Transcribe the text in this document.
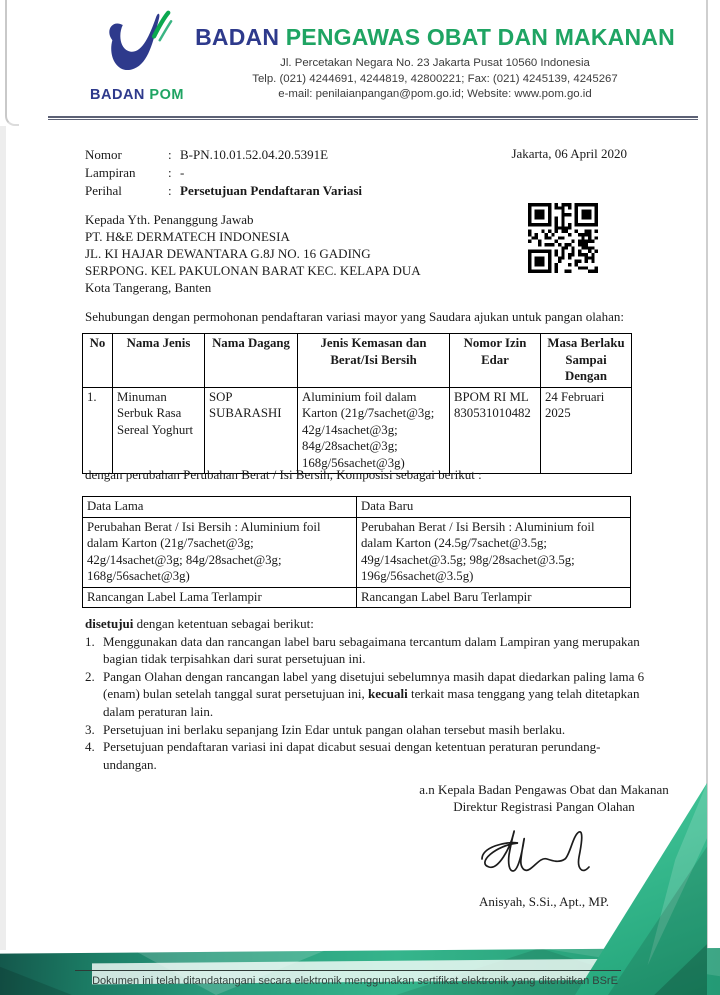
BADAN POM
BADAN PENGAWAS OBAT DAN MAKANAN
Jl. Percetakan Negara No. 23 Jakarta Pusat 10560 Indonesia
Telp. (021) 4244691, 4244819, 42800221; Fax: (021) 4245139, 4245267
e-mail: penilaianpangan@pom.go.id; Website: www.pom.go.id
Nomor	: B-PN.10.01.52.04.20.5391E
Lampiran	: -
Perihal	: Persetujuan Pendaftaran Variasi
Jakarta, 06 April 2020
Kepada Yth. Penanggung Jawab
PT. H&E DERMATECH INDONESIA
JL. KI HAJAR DEWANTARA G.8J NO. 16 GADING
SERPONG. KEL PAKULONAN BARAT KEC. KELAPA DUA
Kota Tangerang, Banten
Sehubungan dengan permohonan pendaftaran variasi mayor yang Saudara ajukan untuk pangan olahan:
No	Nama Jenis	Nama Dagang	Jenis Kemasan dan Berat/Isi Bersih	Nomor Izin Edar	Masa Berlaku Sampai Dengan
1.	Minuman Serbuk Rasa Sereal Yoghurt	SOP SUBARASHI	Aluminium foil dalam Karton (21g/7sachet@3g; 42g/14sachet@3g; 84g/28sachet@3g; 168g/56sachet@3g)	BPOM RI ML 830531010482	24 Februari 2025
dengan perubahan Perubahan Berat / Isi Bersih, Komposisi sebagai berikut :
Data Lama	Data Baru
Perubahan Berat / Isi Bersih : Aluminium foil dalam Karton (21g/7sachet@3g; 42g/14sachet@3g; 84g/28sachet@3g; 168g/56sachet@3g)	Perubahan Berat / Isi Bersih : Aluminium foil dalam Karton (24.5g/7sachet@3.5g; 49g/14sachet@3.5g; 98g/28sachet@3.5g; 196g/56sachet@3.5g)
Rancangan Label Lama Terlampir	Rancangan Label Baru Terlampir
disetujui dengan ketentuan sebagai berikut:
1. Menggunakan data dan rancangan label baru sebagaimana tercantum dalam Lampiran yang merupakan bagian tidak terpisahkan dari surat persetujuan ini.
2. Pangan Olahan dengan rancangan label yang disetujui sebelumnya masih dapat diedarkan paling lama 6 (enam) bulan setelah tanggal surat persetujuan ini, kecuali terkait masa tenggang yang telah ditetapkan dalam peraturan lain.
3. Persetujuan ini berlaku sepanjang Izin Edar untuk pangan olahan tersebut masih berlaku.
4. Persetujuan pendaftaran variasi ini dapat dicabut sesuai dengan ketentuan peraturan perundang-undangan.
a.n Kepala Badan Pengawas Obat dan Makanan
Direktur Registrasi Pangan Olahan
Anisyah, S.Si., Apt., MP.
Dokumen ini telah ditandatangani secara elektronik menggunakan sertifikat elektronik yang diterbitkan BSrE
